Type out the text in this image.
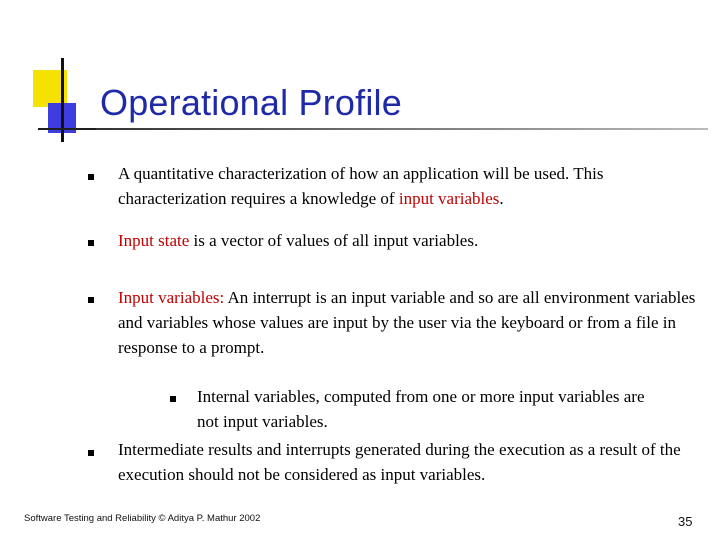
Operational Profile
A quantitative characterization of how an application will be used. This characterization requires a knowledge of input variables.
Input state is a vector of values of all input variables.
Input variables: An interrupt is an input variable and so are all environment variables and variables whose values are input by the user via the keyboard or from a file in response to a prompt.
Internal variables, computed from one or more input variables are not input variables.
Intermediate results and interrupts generated during the execution as a result of the execution should not be considered as input variables.
Software Testing and Reliability © Aditya P. Mathur 2002	35
